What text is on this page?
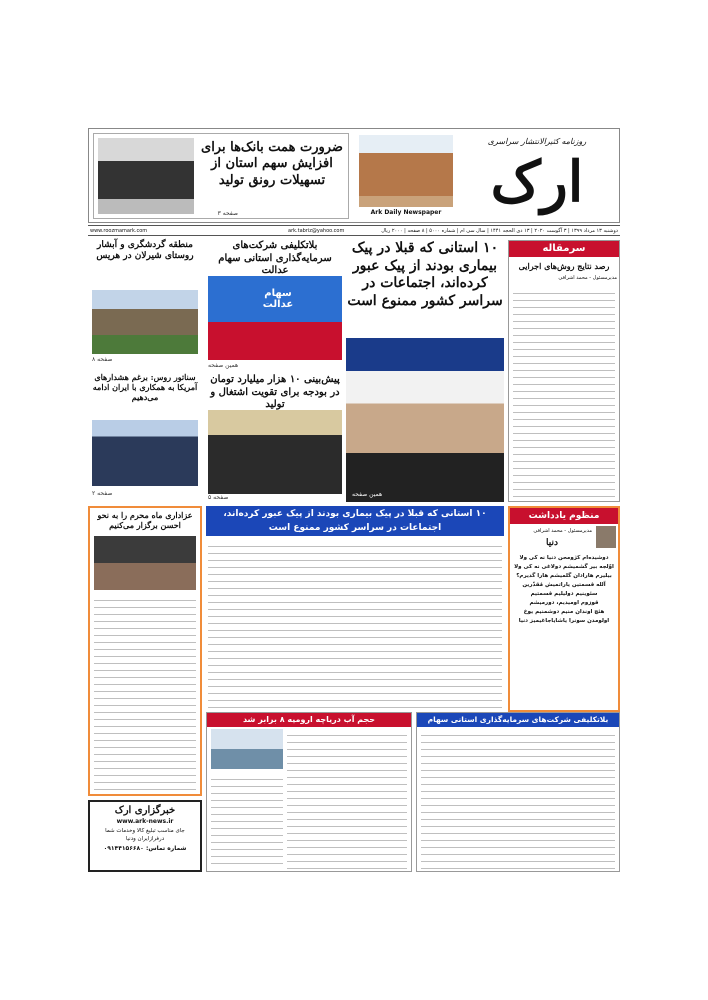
ضرورت همت بانک‌ها برای افزایش سهم استان از تسهیلات رونق تولید
صفحه ۳	Ark Daily Newspaper
روزنامه کثیرالانتشار سراسری
ارک
دوشنبه ۱۳ مرداد ۱۳۹۹ | ۳ آگوست ۲۰۲۰ | ۱۳ ذی الحجه ۱۴۴۱ | سال سی ام | شماره ۵۰۰۰ | ۸ صفحه | ۲۰۰۰ ریال
ark.tabriz@yahoo.com
www.roozmamark.com
سرمقاله
رصد نتایج روش‌های اجرایی
مدیرمسئول - محمد اشرافی
۱۰ استانی که قبلا در پیک بیماری بودند از پیک عبور کرده‌اند، اجتماعات در سراسر کشور ممنوع است
همین صفحه
بلاتکلیفی شرکت‌های سرمایه‌گذاری استانی سهام عدالت
سهام عدالت
همین صفحه
پیش‌بینی ۱۰ هزار میلیارد تومان در بودجه برای تقویت اشتغال و تولید
صفحه ۵
منطقه گردشگری و آبشار روستای شیرلان در هریس
صفحه ۸
سناتور روس: برغم هشدارهای آمریکا به همکاری با ایران ادامه می‌دهیم
صفحه ۲
عزاداری ماه محرم را به نحو احسن برگزار می‌کنیم
۱۰ استانی که قبلا در پیک بیماری بودند از پیک عبور کرده‌اند، اجتماعات در سراسر کشور ممنوع است
منظوم یادداشت
مدیرمسئول - محمد اشرافی
دنیا
دوشیده‌ام کژومحن دنیا نه کی ولا
اوّلجه بیر گشمیشم دولاغی نه کی ولا
بیلیرم هارادان گلمیشم هارا گدیرم؟
آلله قسمتین یاراتمیش مُقدّرین
سئوینیم دولیلیم قسمتیم
قوزوم اومیدیم، دورمیشم
هئچ اوندان منیم دوشمنیم یوخ
اولومدن سونرا یاشایاجاغیمیز دنیا
حجم آب دریاچه ارومیه ۸ برابر شد	بلاتکلیفی شرکت‌های سرمایه‌گذاری استانی سهام
خبرگزاری ارک
www.ark-news.ir
جای مناسب تبلیغ کالا وخدمات شما
درفرازایران ودنیا
شماره تماس: ۰۹۱۴۴۱۵۶۶۸۰
